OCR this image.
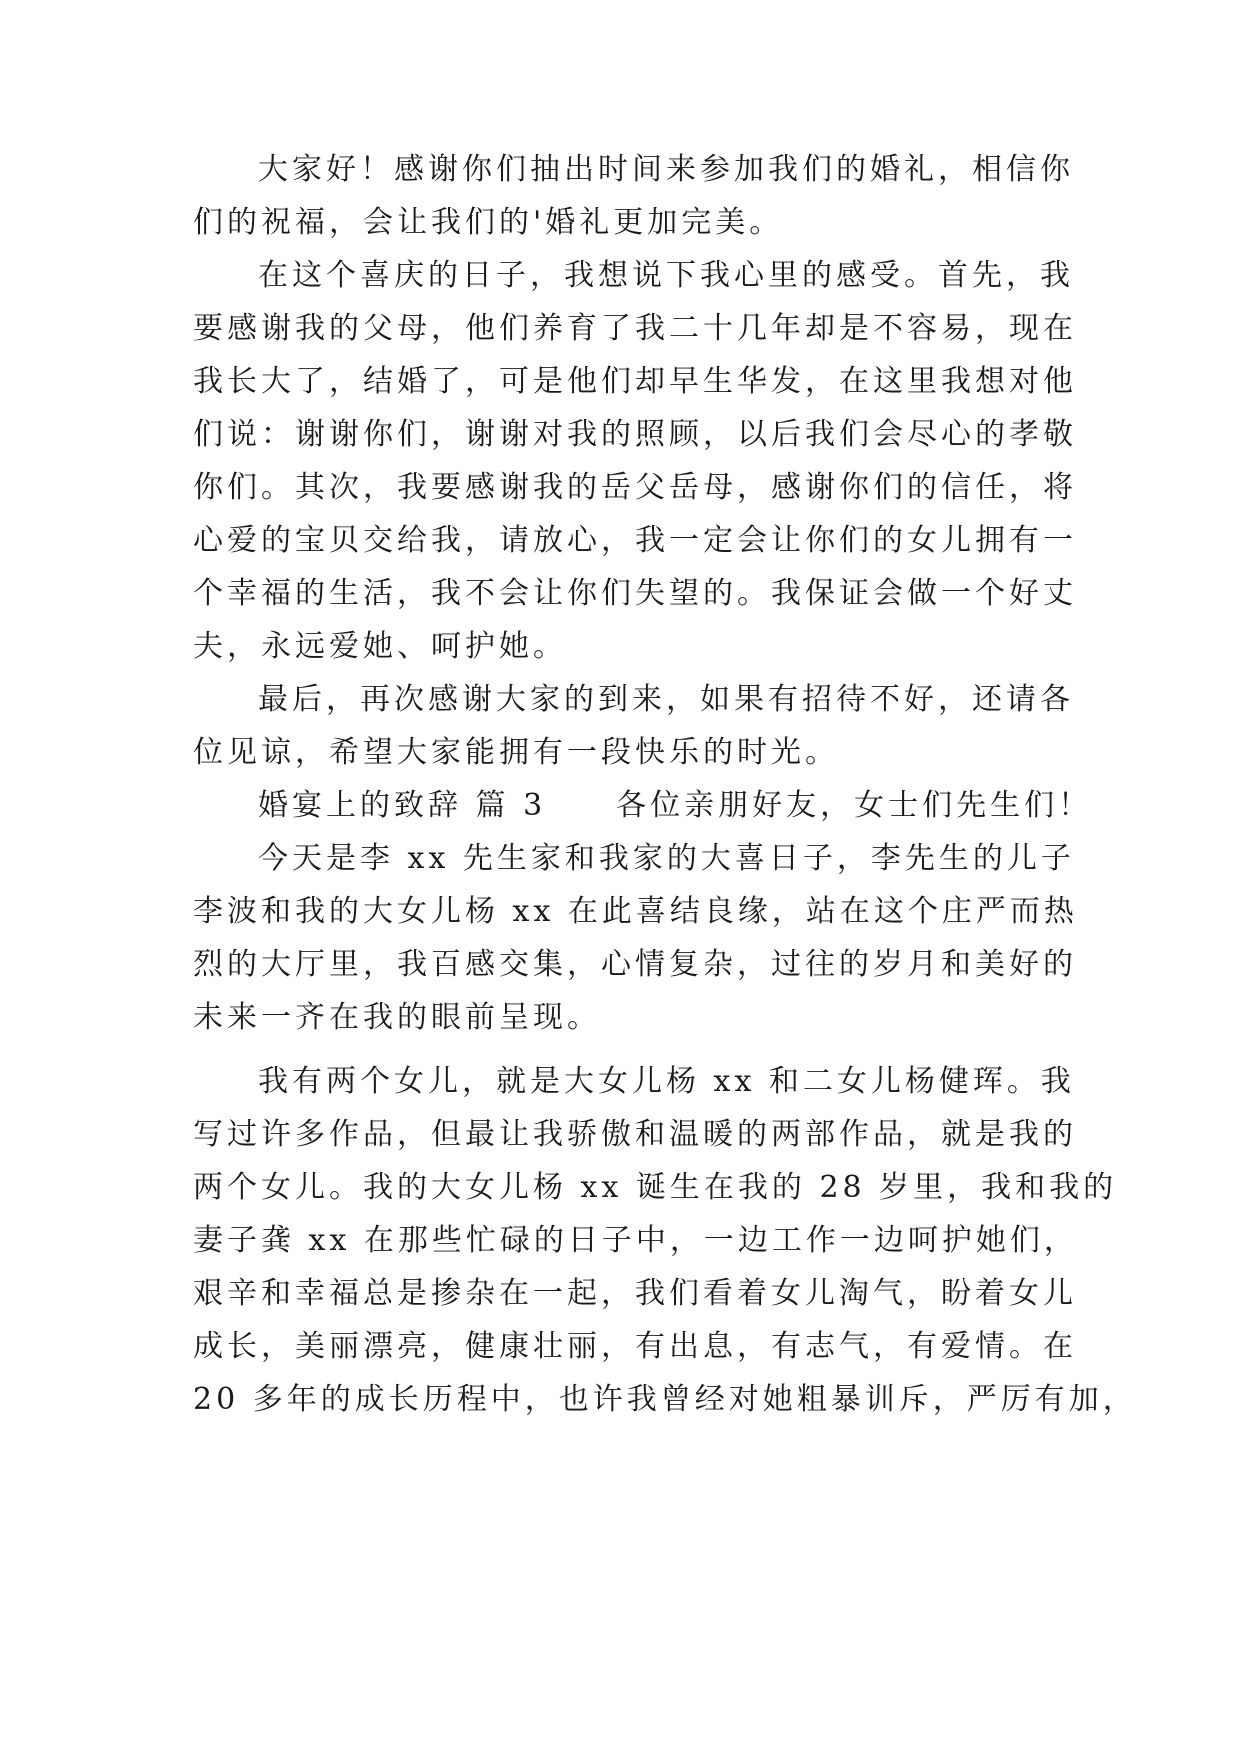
大家好！感谢你们抽出时间来参加我们的婚礼，相信你
们的祝福，会让我们的'婚礼更加完美。
在这个喜庆的日子，我想说下我心里的感受。首先，我
要感谢我的父母，他们养育了我二十几年却是不容易，现在
我长大了，结婚了，可是他们却早生华发，在这里我想对他
们说：谢谢你们，谢谢对我的照顾，以后我们会尽心的孝敬
你们。其次，我要感谢我的岳父岳母，感谢你们的信任，将
心爱的宝贝交给我，请放心，我一定会让你们的女儿拥有一
个幸福的生活，我不会让你们失望的。我保证会做一个好丈
夫，永远爱她、呵护她。
最后，再次感谢大家的到来，如果有招待不好，还请各
位见谅，希望大家能拥有一段快乐的时光。
婚宴上的致辞 篇 3 各位亲朋好友，女士们先生们！
今天是李 xx 先生家和我家的大喜日子，李先生的儿子
李波和我的大女儿杨 xx 在此喜结良缘，站在这个庄严而热
烈的大厅里，我百感交集，心情复杂，过往的岁月和美好的
未来一齐在我的眼前呈现。
我有两个女儿，就是大女儿杨 xx 和二女儿杨健珲。我
写过许多作品，但最让我骄傲和温暖的两部作品，就是我的
两个女儿。我的大女儿杨 xx 诞生在我的 28 岁里，我和我的
妻子龚 xx 在那些忙碌的日子中，一边工作一边呵护她们，
艰辛和幸福总是掺杂在一起，我们看着女儿淘气，盼着女儿
成长，美丽漂亮，健康壮丽，有出息，有志气，有爱情。在
20 多年的成长历程中，也许我曾经对她粗暴训斥，严厉有加，
